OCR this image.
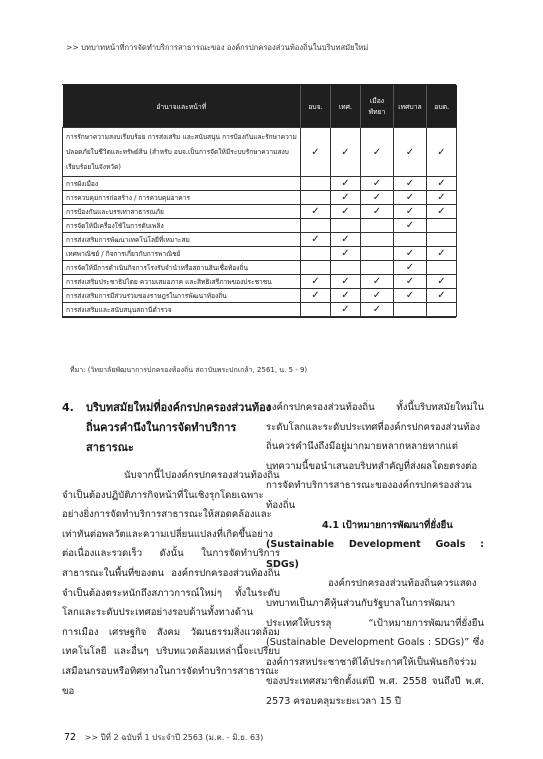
>> บทบาทหน้าที่การจัดทำบริการสาธารณะของ องค์กรปกครองส่วนท้องถิ่นในบริบทสมัยใหม่
อำนาจและหน้าที่	อบจ.	เทศ.	เมือง พัทยา	เทศบาล	อบต.
การรักษาความสงบเรียบร้อย การส่งเสริม และสนับสนุน การป้องกันและรักษาความปลอดภัยในชีวิตและทรัพย์สิน (สำหรับ อบจ.เป็นการจัดให้มีระบบรักษาความสงบเรียบร้อยในจังหวัด)	✓	✓	✓	✓	✓
การผังเมือง		✓	✓	✓	✓
การควบคุมการก่อสร้าง / การควบคุมอาคาร		✓	✓	✓	✓
การป้องกันและบรรเทาสาธารณภัย	✓	✓	✓	✓	✓
การจัดให้มีเครื่องใช้ในการดับเพลิง				✓	
การส่งเสริมการพัฒนาเทคโนโลยีที่เหมาะสม	✓	✓			
เทศพาณิชย์ / กิจการเกี่ยวกับการพาณิชย์		✓		✓	✓
การจัดให้มีการดำเนินกิจการโรงรับจำนำหรือสถานสินเชื่อท้องถิ่น				✓	
การส่งเสริมประชาธิปไตย ความเสมอภาค และสิทธิเสรีภาพของประชาชน	✓	✓	✓	✓	✓
การส่งเสริมการมีส่วนร่วมของราษฎรในการพัฒนาท้องถิ่น	✓	✓	✓	✓	✓
การส่งเสริมและสนับสนุนสถานีตำรวจ		✓	✓		
ที่มา: (วิทยาลัยพัฒนาการปกครองท้องถิ่น สถาบันพระปกเกล้า, 2561, น. 5 - 9)
4.	บริบทสมัยใหม่ที่องค์กรปกครองส่วนท้องถิ่นควรคำนึงในการจัดทำบริการสาธารณะ

นับจากนี้ไปองค์กรปกครองส่วนท้องถิ่นจำเป็นต้องปฏิบัติภารกิจหน้าที่ในเชิงรุกโดยเฉพาะอย่างยิ่งการจัดทำบริการสาธารณะให้สอดคล้องและเท่าทันต่อพลวัตและความเปลี่ยนแปลงที่เกิดขึ้นอย่างต่อเนื่องและรวดเร็ว ดังนั้น ในการจัดทำบริการสาธารณะในพื้นที่ของตน องค์กรปกครองส่วนท้องถิ่นจำเป็นต้องตระหนักถึงสภาวการณ์ใหม่ๆ ทั้งในระดับโลกและระดับประเทศอย่างรอบด้านทั้งทางด้านการเมือง เศรษฐกิจ สังคม วัฒนธรรมสิ่งแวดล้อม เทคโนโลยี และอื่นๆ บริบทแวดล้อมเหล่านี้จะเปรียบเสมือนกรอบหรือทิศทางในการจัดทำบริการสาธารณะขอ

องค์กรปกครองส่วนท้องถิ่น ทั้งนี้บริบทสมัยใหม่ในระดับโลกและระดับประเทศที่องค์กรปกครองส่วนท้องถิ่นควรคำนึงถึงมีอยู่มากมายหลากหลายหากแต่บทความนี้ขอนำเสนอบริบทสำคัญที่ส่งผลโดยตรงต่อการจัดทำบริการสาธารณะขององค์กรปกครองส่วนท้องถิ่น

4.1 เป้าหมายการพัฒนาที่ยั่งยืน

(Sustainable Development Goals : SDGs)

องค์กรปกครองส่วนท้องถิ่นควรแสดงบทบาทเป็นภาคีหุ้นส่วนกับรัฐบาลในการพัฒนาประเทศให้บรรลุ “เป้าหมายการพัฒนาที่ยั่งยืน (Sustainable Development Goals : SDGs)” ซึ่งองค์การสหประชาชาติได้ประกาศให้เป็นพันธกิจร่วมของประเทศสมาชิกตั้งแต่ปี พ.ศ. 2558 จนถึงปี พ.ศ. 2573 ครอบคลุมระยะเวลา 15 ปี

72 >> ปีที่ 2 ฉบับที่ 1 ประจำปี 2563 (ม.ค. - มิ.ย. 63)
